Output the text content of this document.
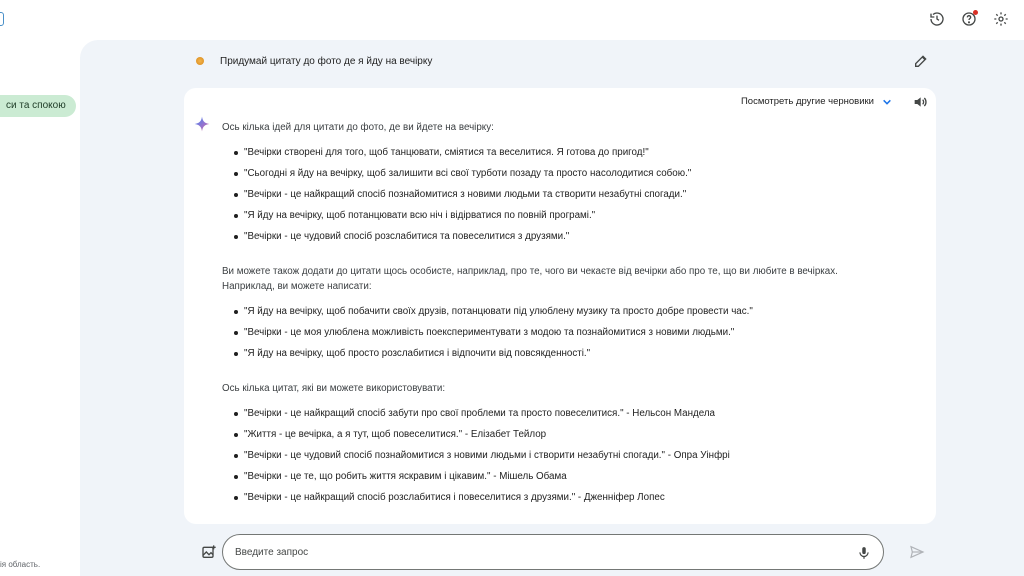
си та спокою
ія область.
Придумай цитату до фото де я йду на вечірку
Посмотреть другие черновики
Ось кілька ідей для цитати до фото, де ви йдете на вечірку:
"Вечірки створені для того, щоб танцювати, сміятися та веселитися. Я готова до пригод!"
"Сьогодні я йду на вечірку, щоб залишити всі свої турботи позаду та просто насолодитися собою."
"Вечірки - це найкращий спосіб познайомитися з новими людьми та створити незабутні спогади."
"Я йду на вечірку, щоб потанцювати всю ніч і відірватися по повній програмі."
"Вечірки - це чудовий спосіб розслабитися та повеселитися з друзями."
Ви можете також додати до цитати щось особисте, наприклад, про те, чого ви чекаєте від вечірки або про те, що ви любите в вечірках.
Наприклад, ви можете написати:
"Я йду на вечірку, щоб побачити своїх друзів, потанцювати під улюблену музику та просто добре провести час."
"Вечірки - це моя улюблена можливість поекспериментувати з модою та познайомитися з новими людьми."
"Я йду на вечірку, щоб просто розслабитися і відпочити від повсякденності."
Ось кілька цитат, які ви можете використовувати:
"Вечірки - це найкращий спосіб забути про свої проблеми та просто повеселитися." - Нельсон Мандела
"Життя - це вечірка, а я тут, щоб повеселитися." - Елізабет Тейлор
"Вечірки - це чудовий спосіб познайомитися з новими людьми і створити незабутні спогади." - Опра Уінфрі
"Вечірки - це те, що робить життя яскравим і цікавим." - Мішель Обама
"Вечірки - це найкращий спосіб розслабитися і повеселитися з друзями." - Дженніфер Лопес
Введите запрос
